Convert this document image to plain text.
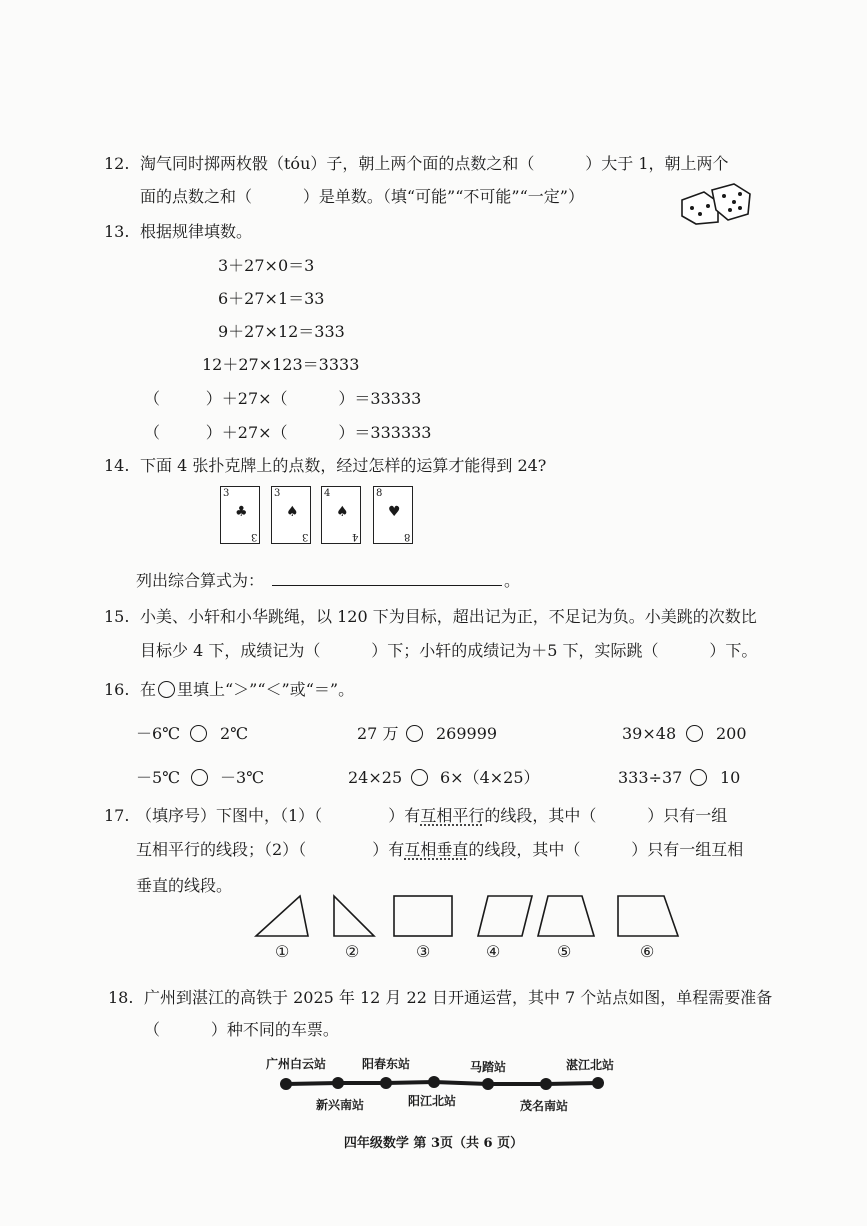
12. 淘气同时掷两枚骰（tóu）子，朝上两个面的点数之和（          ）大于 1，朝上两个
面的点数之和（          ）是单数。（填“可能”“不可能”“一定”）
13. 根据规律填数。
3＋27×0＝3
6＋27×1＝33
9＋27×12＝333
12＋27×123＝3333
（         ）＋27×（          ）＝33333
（         ）＋27×（          ）＝333333
14. 下面 4 张扑克牌上的点数，经过怎样的运算才能得到 24?
3
♣
3
3
♠
3
4
♠
4
8
♥
8
列出综合算式为：	。
15. 小美、小轩和小华跳绳，以 120 下为目标，超出记为正，不足记为负。小美跳的次数比
目标少 4 下，成绩记为（          ）下；小轩的成绩记为＋5 下，实际跳（          ）下。
16. 在 里填上“＞”“＜”或“＝”。
－6℃ 2℃	27 万 269999	39×48 200
－5℃ －3℃	24×25 6×（4×25）	333÷37 10
17. （填序号）下图中，（1）（             ）有互相平行的线段，其中（          ）只有一组
互相平行的线段；（2）（             ）有互相垂直的线段，其中（          ）只有一组互相
垂直的线段。
①	②	③	④	⑤	⑥
18. 广州到湛江的高铁于 2025 年 12 月 22 日开通运营，其中 7 个站点如图，单程需要准备
（          ）种不同的车票。
广州白云站	阳春东站	马踏站	湛江北站
新兴南站	阳江北站	茂名南站
四年级数学 第 3页（共 6 页）
